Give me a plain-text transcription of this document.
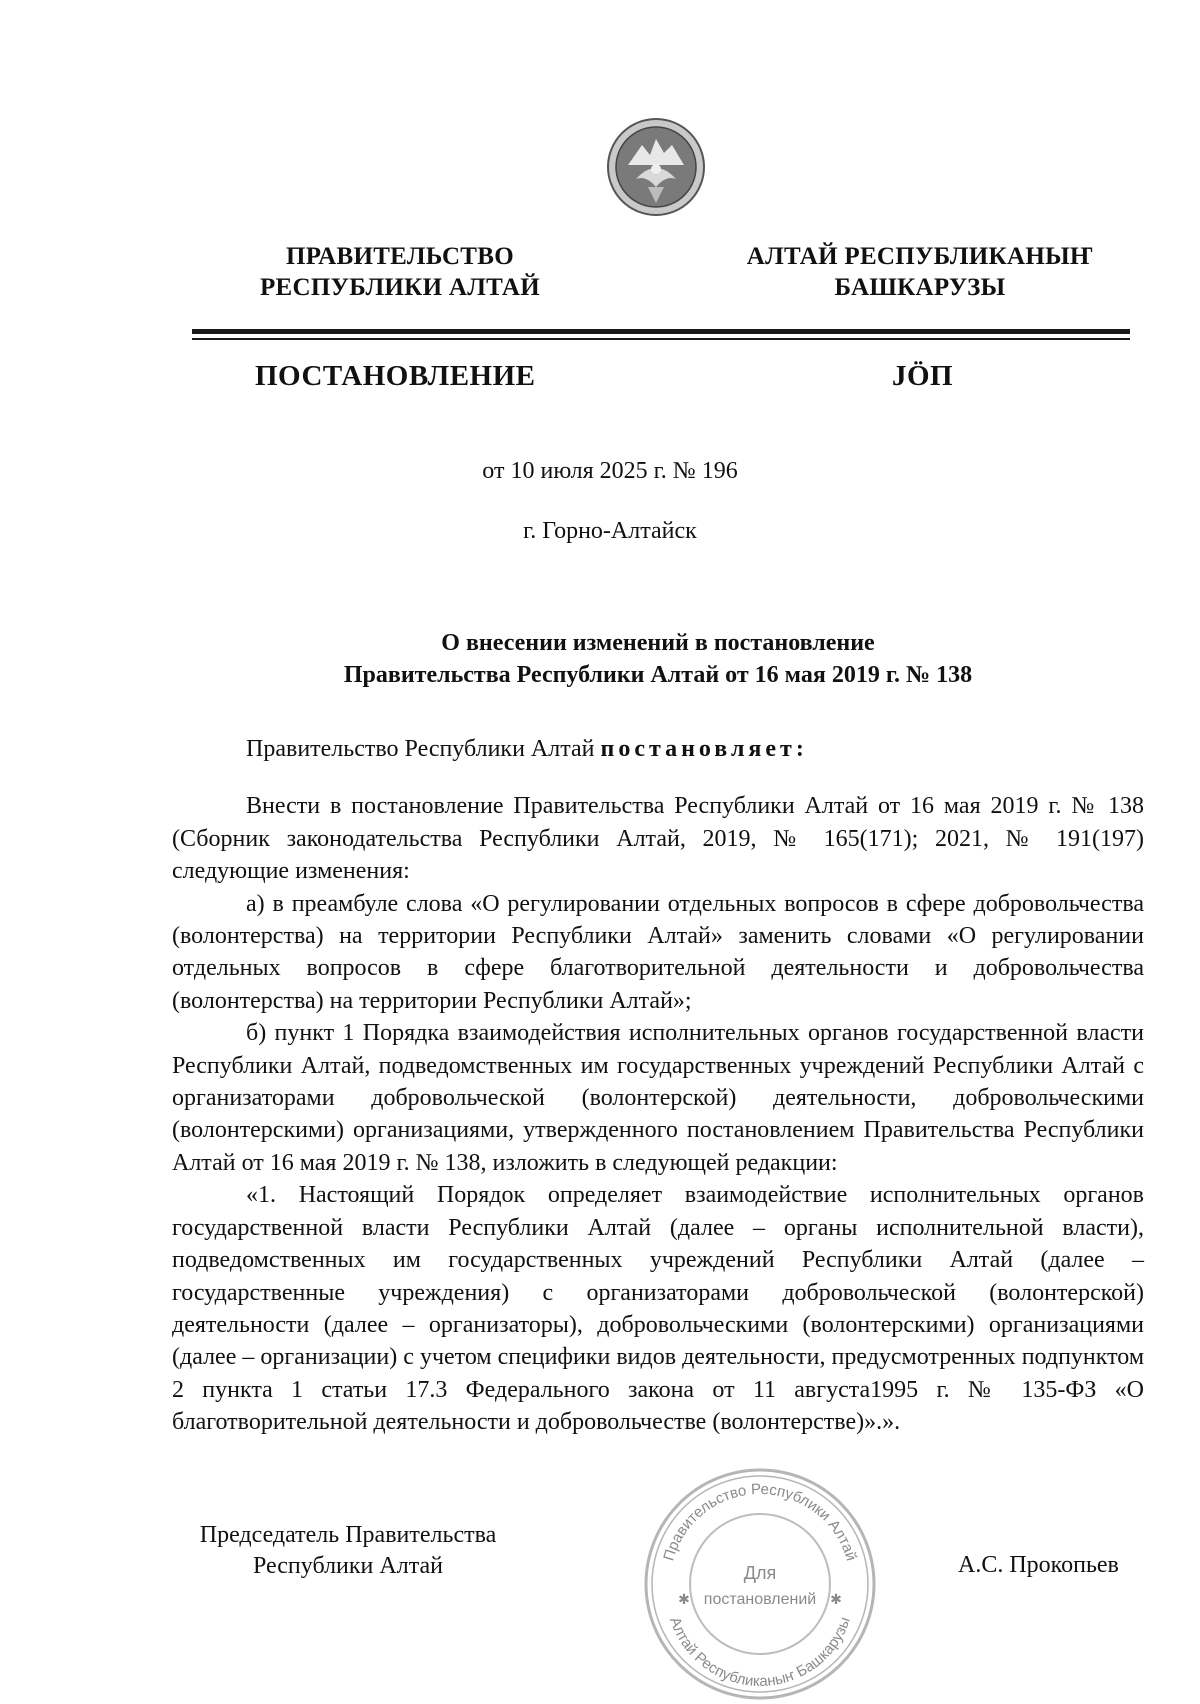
ПРАВИТЕЛЬСТВО
РЕСПУБЛИКИ АЛТАЙ
АЛТАЙ РЕСПУБЛИКАНЫҤ
БАШКАРУЗЫ
ПОСТАНОВЛЕНИЕ	JӦП
от 10 июля 2025 г. № 196
г. Горно-Алтайск
О внесении изменений в постановление
Правительства Республики Алтай от 16 мая 2019 г. № 138

Правительство Республики Алтай постановляет:

Внести в постановление Правительства Республики Алтай от 16 мая 2019 г. № 138 (Сборник законодательства Республики Алтай, 2019, № 165(171); 2021, № 191(197) следующие изменения:

а) в преамбуле слова «О регулировании отдельных вопросов в сфере добровольчества (волонтерства) на территории Республики Алтай» заменить словами «О регулировании отдельных вопросов в сфере благотворительной деятельности и добровольчества (волонтерства) на территории Республики Алтай»;

б) пункт 1 Порядка взаимодействия исполнительных органов государственной власти Республики Алтай, подведомственных им государственных учреждений Республики Алтай с организаторами добровольческой (волонтерской) деятельности, добровольческими (волонтерскими) организациями, утвержденного постановлением Правительства Республики Алтай от 16 мая 2019 г. № 138, изложить в следующей редакции:

«1. Настоящий Порядок определяет взаимодействие исполнительных органов государственной власти Республики Алтай (далее – органы исполнительной власти), подведомственных им государственных учреждений Республики Алтай (далее – государственные учреждения) с организаторами добровольческой (волонтерской) деятельности (далее – организаторы), добровольческими (волонтерскими) организациями (далее – организации) с учетом специфики видов деятельности, предусмотренных подпунктом 2 пункта 1 статьи 17.3 Федерального закона от 11 августа1995 г. № 135-ФЗ «О благотворительной деятельности и добровольчестве (волонтерстве)».».

Председатель Правительства
Республики Алтай	А.С. Прокопьев
Правительство Республики Алтай
Алтай Республиканыҥ Башкарузы
Для
постановлений
✱	✱
